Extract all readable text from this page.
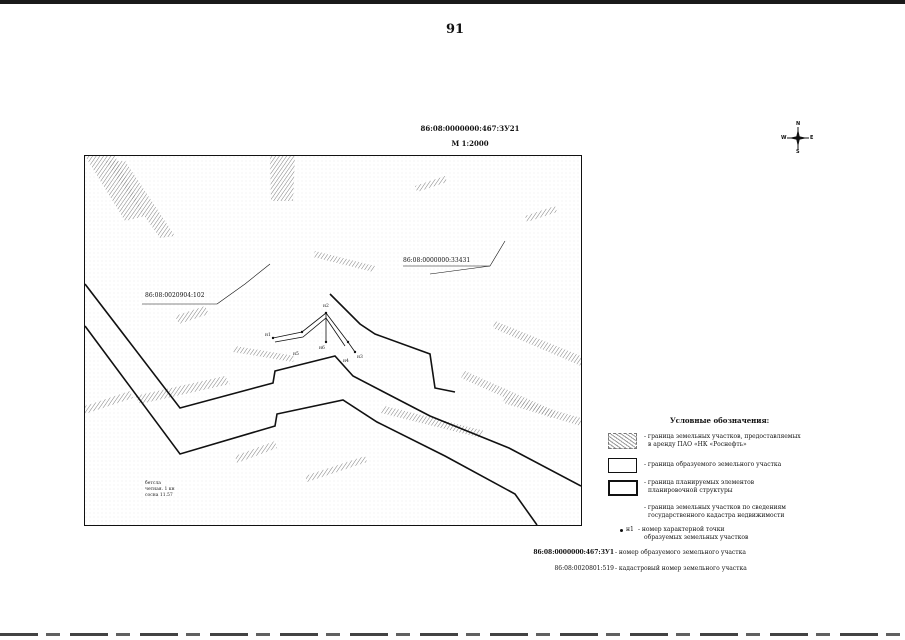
91
86:08:0000000:467:ЗУ21
М 1:2000
N
S
W	E
86:08:0020904:102
86:08:0000000:33431
н2
н1
н3
н4
н5
н6
бетсла
четная. 1 кн
сосна 11.57
Условные обозначения:
- граница земельных участков, предоставляемых
в аренду ПАО «НК «Роснефть»
- граница образуемого земельного участка
- граница планируемых элементов
планировочной структуры
- граница земельных участков по сведениям
государственного кадастра недвижимости
н1 - номер характерной точки
образуемых земельных участков
86:08:0000000:467:ЗУ1 - номер образуемого земельного участка
86:08:0020801:519 - кадастровый номер земельного участка
